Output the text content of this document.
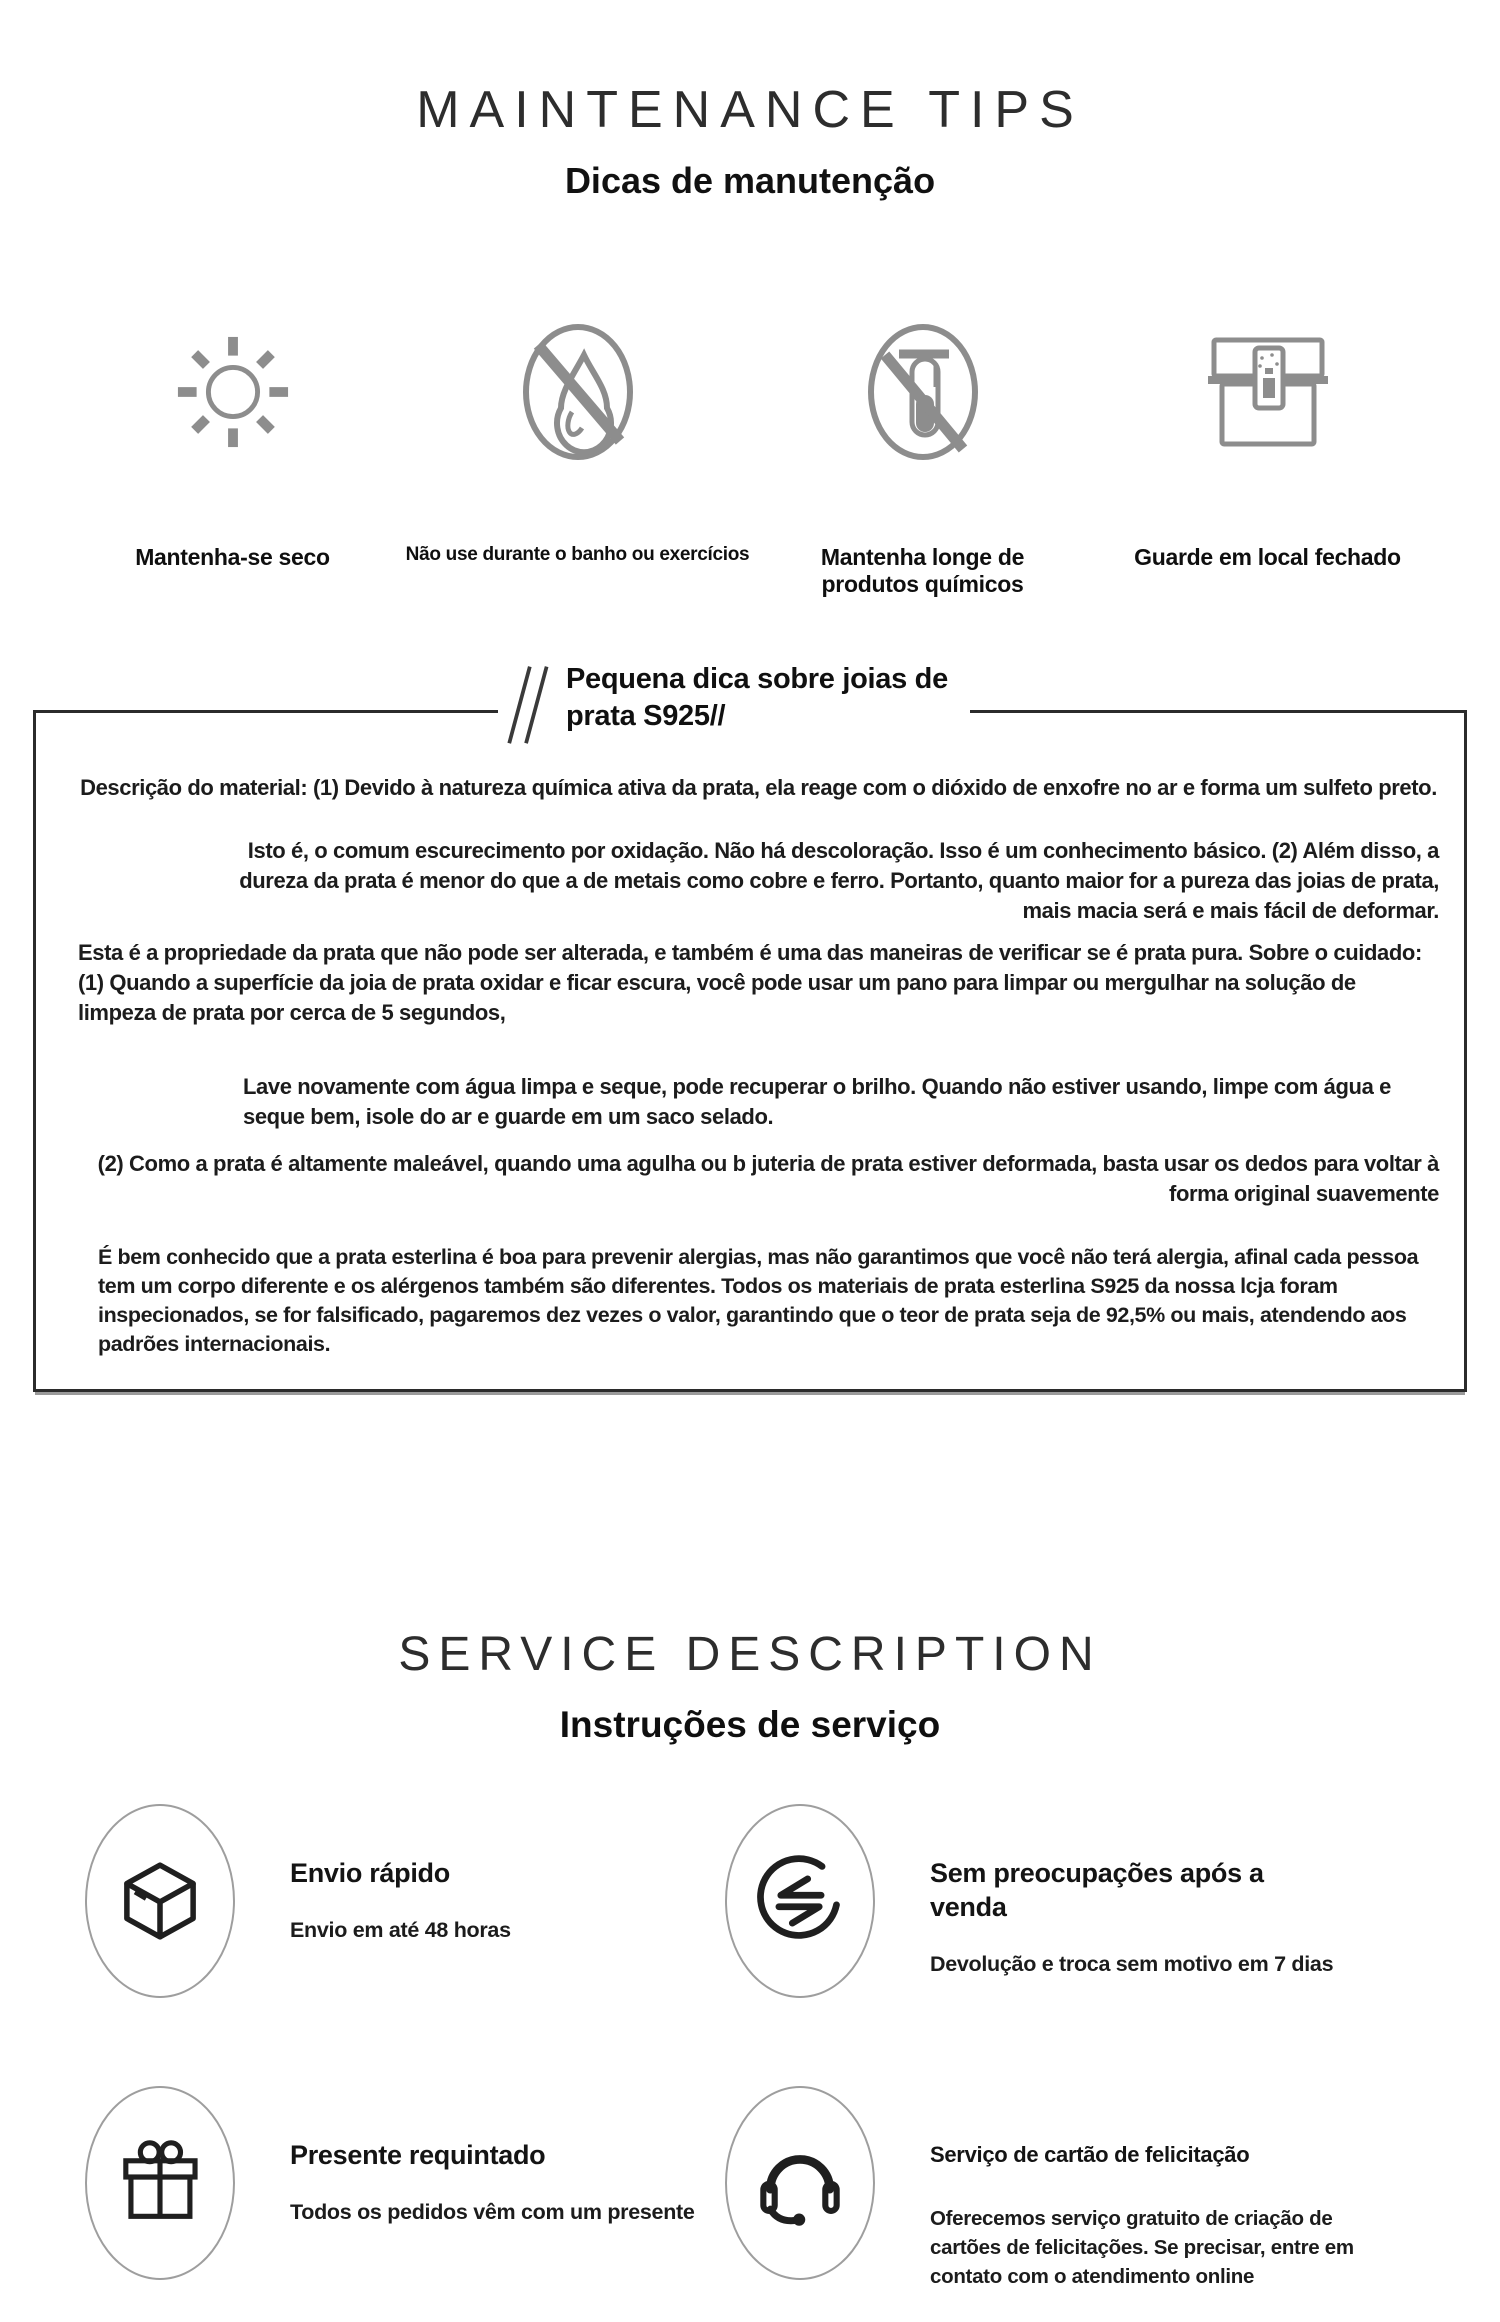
MAINTENANCE TIPS
Dicas de manutenção
Mantenha-se seco	Não use durante o banho ou exercícios	Mantenha longe de produtos químicos
Guarde em local fechado
Pequena dica sobre joias de
prata S925//

Descrição do material: (1) Devido à natureza química ativa da prata, ela reage com o dióxido de enxofre no ar e forma um sulfeto preto.

Isto é, o comum escurecimento por oxidação. Não há descoloração. Isso é um conhecimento básico. (2) Além disso, a dureza da prata é menor do que a de metais como cobre e ferro. Portanto, quanto maior for a pureza das joias de prata, mais macia será e mais fácil de deformar.

Esta é a propriedade da prata que não pode ser alterada, e também é uma das maneiras de verificar se é prata pura. Sobre o cuidado: (1) Quando a superfície da joia de prata oxidar e ficar escura, você pode usar um pano para limpar ou mergulhar na solução de limpeza de prata por cerca de 5 segundos,

Lave novamente com água limpa e seque, pode recuperar o brilho. Quando não estiver usando, limpe com água e seque bem, isole do ar e guarde em um saco selado.

(2) Como a prata é altamente maleável, quando uma agulha ou b juteria de prata estiver deformada, basta usar os dedos para voltar à forma original suavemente

É bem conhecido que a prata esterlina é boa para prevenir alergias, mas não garantimos que você não terá alergia, afinal cada pessoa tem um corpo diferente e os alérgenos também são diferentes. Todos os materiais de prata esterlina S925 da nossa lcja foram inspecionados, se for falsificado, pagaremos dez vezes o valor, garantindo que o teor de prata seja de 92,5% ou mais, atendendo aos padrões internacionais.

SERVICE DESCRIPTION
Instruções de serviço
Envio rápido
Envio em até 48 horas
Sem preocupações após a venda
Devolução e troca sem motivo em 7 dias
Presente requintado
Todos os pedidos vêm com um presente
Serviço de cartão de felicitação
Oferecemos serviço gratuito de criação de cartões de felicitações. Se precisar, entre em contato com o atendimento online
